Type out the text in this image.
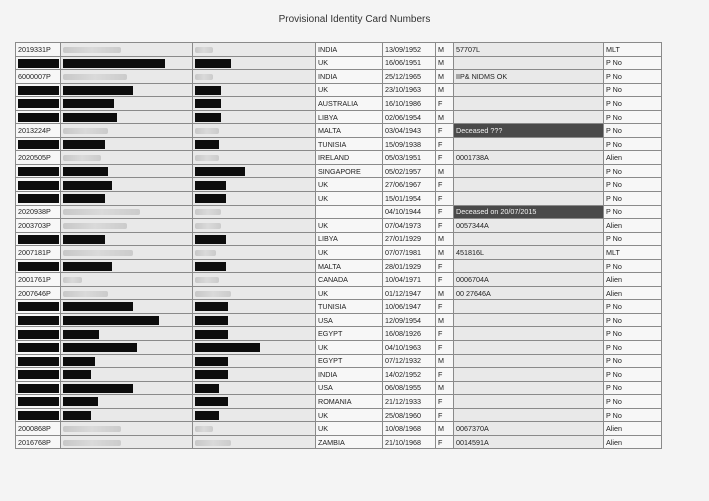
Provisional Identity Card Numbers
2019331P			INDIA	13/09/1952	M	57707L	MLT
			UK	16/06/1951	M		P No
6000007P			INDIA	25/12/1965	M	IIP& NIDMS OK	P No
			UK	23/10/1963	M		P No
			AUSTRALIA	16/10/1986	F		P No
			LIBYA	02/06/1954	M		P No
2013224P			MALTA	03/04/1943	F	Deceased ???	P No
			TUNISIA	15/09/1938	F		P No
2020505P			IRELAND	05/03/1951	F	0001738A	Alien
			SINGAPORE	05/02/1957	M		P No
			UK	27/06/1967	F		P No
			UK	15/01/1954	F		P No
2020938P				04/10/1944	F	Deceased on 20/07/2015	P No
2003703P			UK	07/04/1973	F	0057344A	Alien
			LIBYA	27/01/1929	M		P No
2007181P			UK	07/07/1981	M	451816L	MLT
			MALTA	28/01/1929	F		P No
2001761P			CANADA	10/04/1971	F	0006704A	Alien
2007646P			UK	01/12/1947	M	00 27646A	Alien
			TUNISIA	10/06/1947	F		P No
			USA	12/09/1954	M		P No
			EGYPT	16/08/1926	F		P No
			UK	04/10/1963	F		P No
			EGYPT	07/12/1932	M		P No
			INDIA	14/02/1952	F		P No
			USA	06/08/1955	M		P No
			ROMANIA	21/12/1933	F		P No
			UK	25/08/1960	F		P No
2000868P			UK	10/08/1968	M	0067370A	Alien
2016768P			ZAMBIA	21/10/1968	F	0014591A	Alien
